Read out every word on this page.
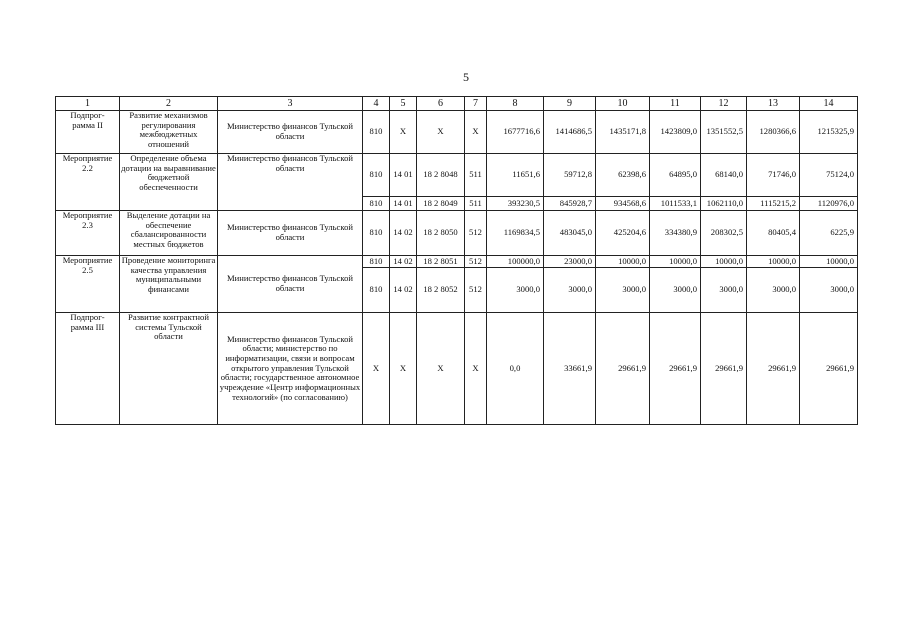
5
1	2	3	4	5	6	7	8	9	10	11	12	13	14
Подпрог-
рамма II	Развитие механизмов регулирования межбюджетных отношений	Министерство финансов Тульской области	810	X	X	X	1677716,6	1414686,5	1435171,8	1423809,0	1351552,5	1280366,6	1215325,9
Мероприятие
2.2	Определение объема дотации на выравнивание бюджетной обеспеченности	Министерство финансов Тульской области	810	14 01	18 2 8048	511	11651,6	59712,8	62398,6	64895,0	68140,0	71746,0	75124,0
			810	14 01	18 2 8049	511	393230,5	845928,7	934568,6	1011533,1	1062110,0	1115215,2	1120976,0
Мероприятие
2.3	Выделение дотации на обеспечение сбалансированности местных бюджетов	Министерство финансов Тульской области	810	14 02	18 2 8050	512	1169834,5	483045,0	425204,6	334380,9	208302,5	80405,4	6225,9
Мероприятие
2.5	Проведение мониторинга качества управления муниципальными финансами	Министерство финансов Тульской области	810	14 02	18 2 8051	512	100000,0	23000,0	10000,0	10000,0	10000,0	10000,0	10000,0
			810	14 02	18 2 8052	512	3000,0	3000,0	3000,0	3000,0	3000,0	3000,0	3000,0
Подпрог-
рамма III	Развитие контрактной системы Тульской области	Министерство финансов Тульской области; министерство по информатизации, связи и вопросам открытого управления Тульской области; государственное автономное учреждение «Центр информационных технологий» (по согласованию)	X	X	X	X	0,0	33661,9	29661,9	29661,9	29661,9	29661,9	29661,9
